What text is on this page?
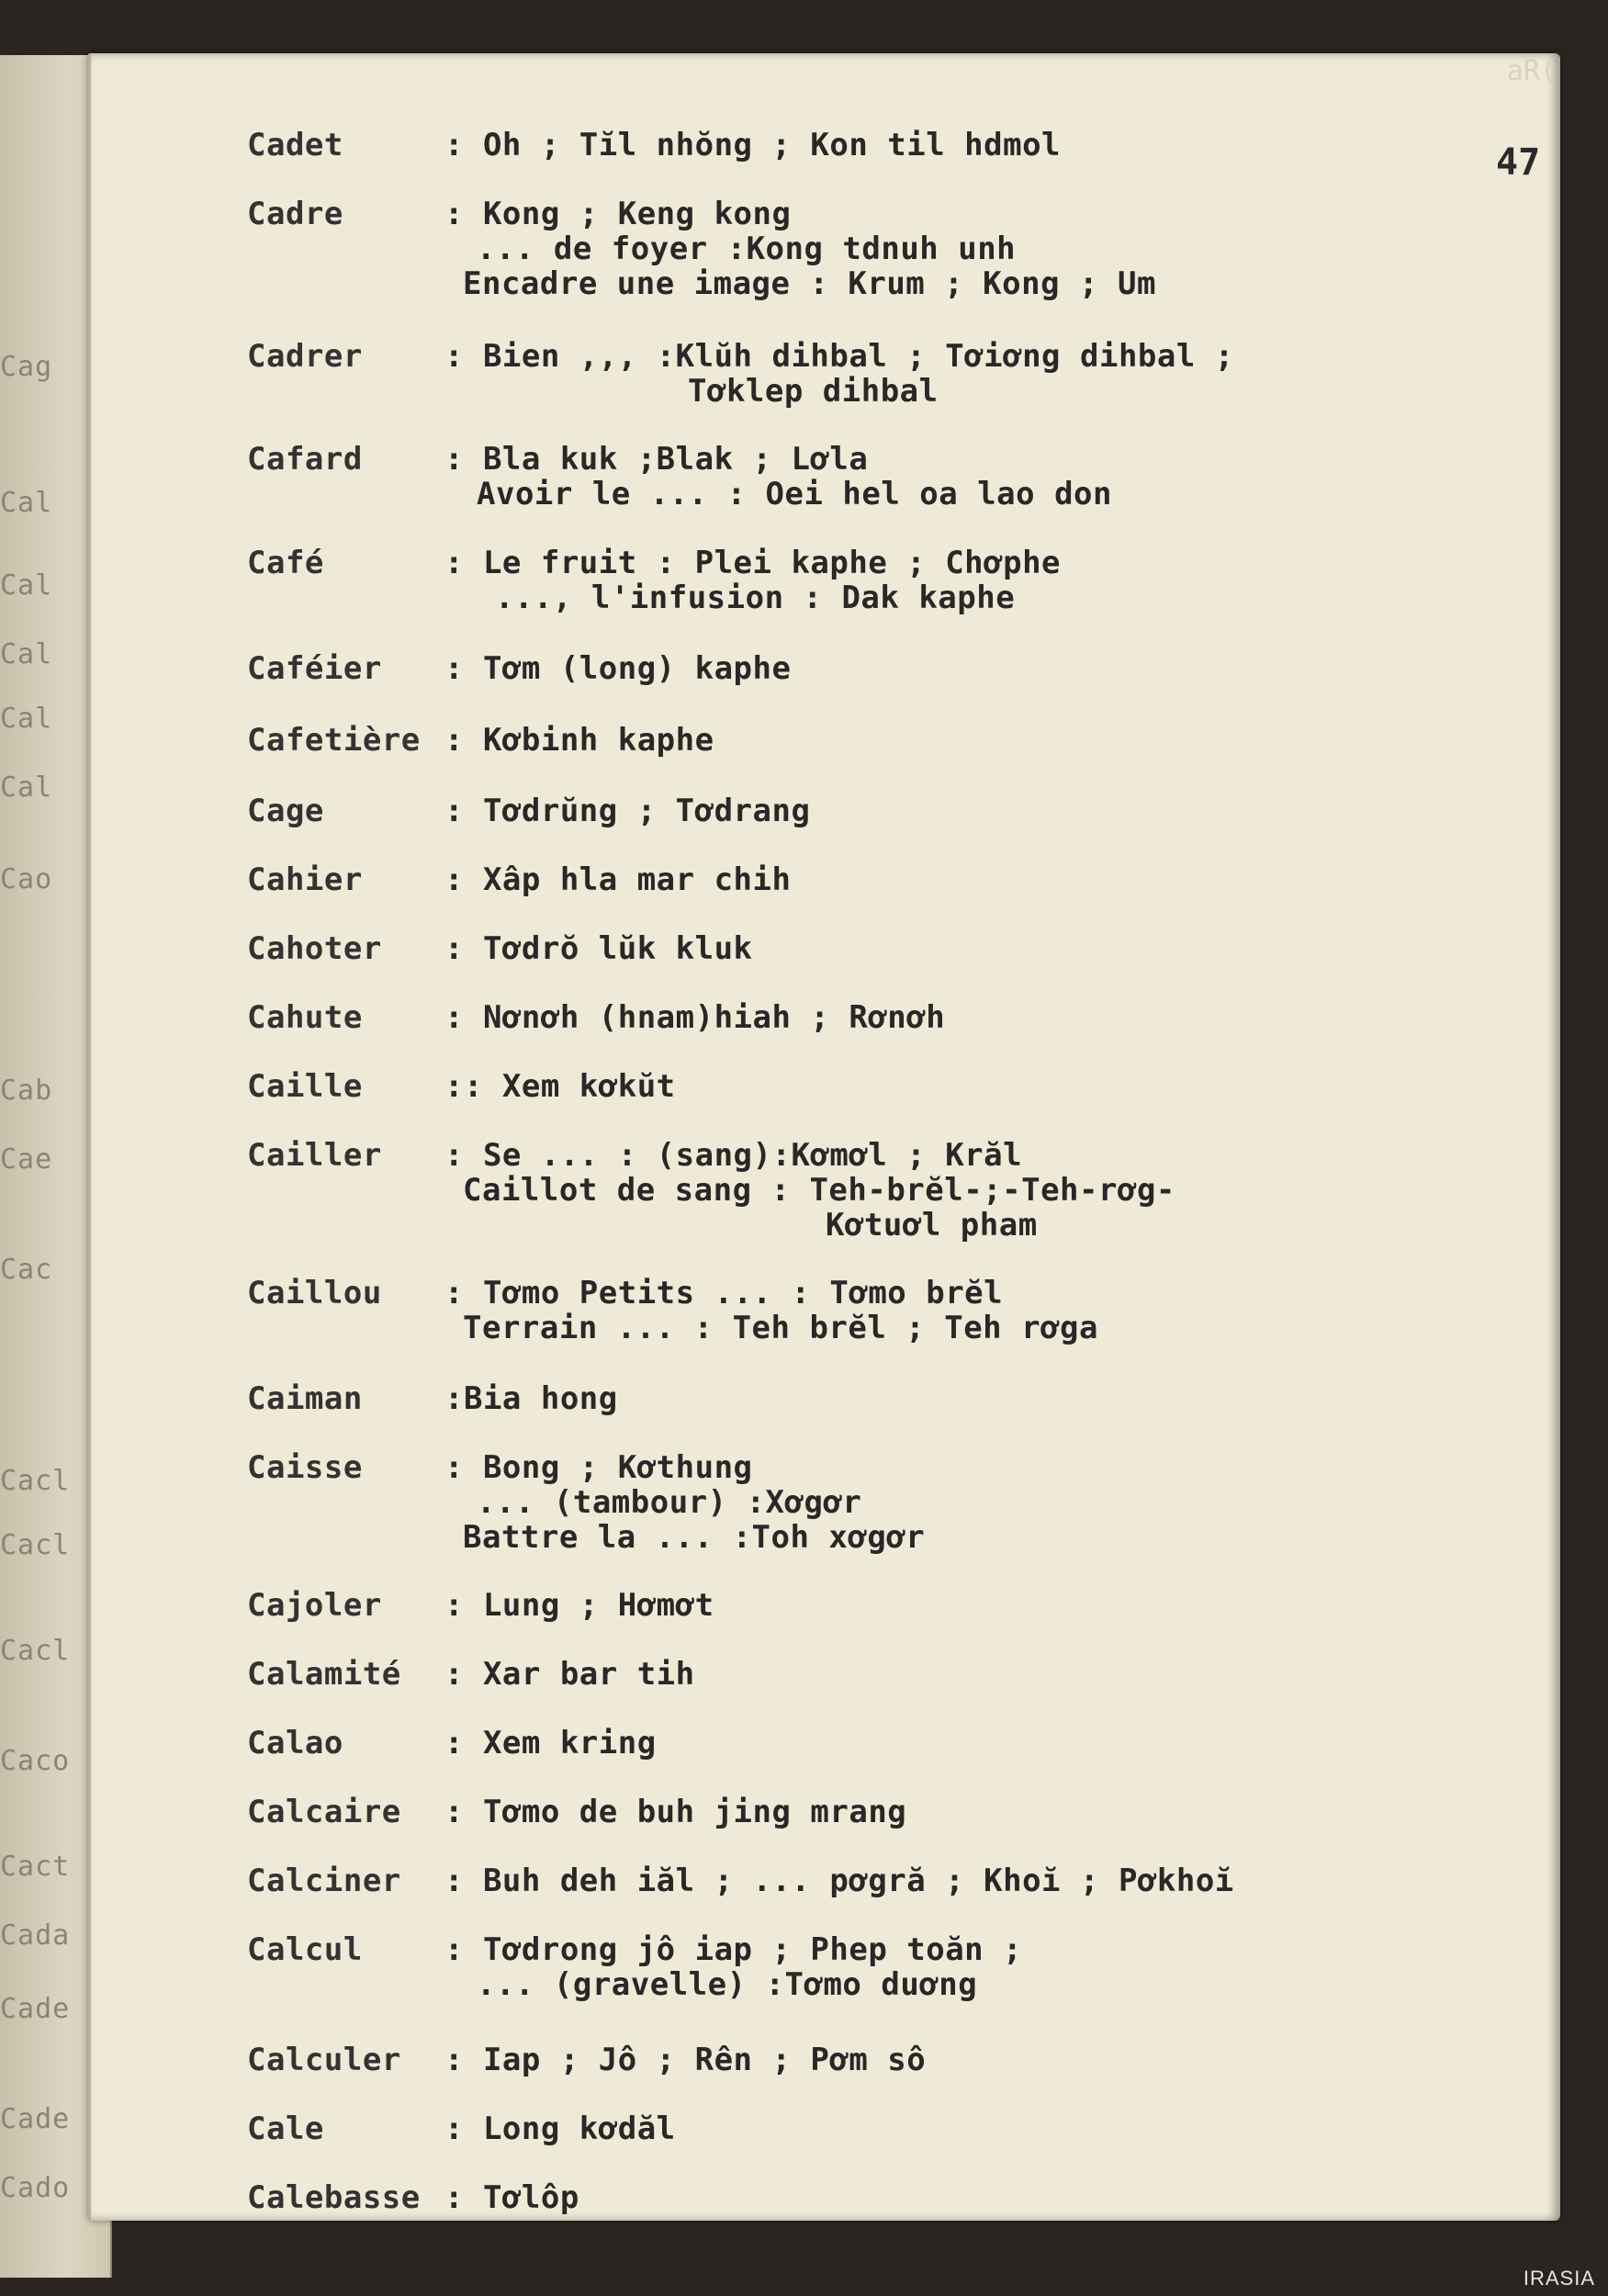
Cag
Cal
Cal
Cal
Cal
Cal
Cao
Cab
Cae
Cac
Cacl
Cacl
Cacl
Caco
Cact
Cada
Cade
Cade
Cado
aR(
47
Cadet	: Oh ; Tĭl nhŏng ; Kon til hdmol
Cadre	: Kong ; Keng kong
... de foyer :Kong tdnuh unh
Encadre une image : Krum ; Kong ; Um
Cadrer	: Bien ,,, :Klŭh dihbal ; Tơiơng dihbal ;
Tơklep dihbal
Cafard	: Bla kuk ;Blak ; Lơla
Avoir le ... : Oei hel oa lao don
Café	: Le fruit : Plei kaphe ; Chơphe
..., l'infusion : Dak kaphe
Caféier : Tơm (long) kaphe
Cafetière : Kơbinh kaphe
Cage	: Tơdrŭng ; Tơdrang
Cahier	: Xâp hla mar chih
Cahoter : Tơdrŏ lŭk kluk
Cahute	: Nơnơh (hnam)hiah ; Rơnơh
Caille	:: Xem kơkŭt
Cailler : Se ... : (sang):Kơmơl ; Krăl
Caillot de sang : Teh-brĕl-;-Teh-rơg-
Kơtuơl pham
Caillou : Tơmo Petits ... : Tơmo brĕl
Terrain ... : Teh brĕl ; Teh rơga
Caiman	:Bia hong
Caisse	: Bong ; Kơthung
... (tambour) :Xơgơr
Battre la ... :Toh xơgơr
Cajoler : Lung ; Hơmơt
Calamité : Xar bar tih
Calao	: Xem kring
Calcaire : Tơmo de buh jing mrang
Calciner : Buh deh iăl ; ... pơgră ; Khoĭ ; Pơkhoĭ
Calcul	: Tơdrong jô iap ; Phep toăn ;
... (gravelle) :Tơmo duơng
Calculer : Iap ; Jô ; Rên ; Pơm sô
Cale	: Long kơdăl
Calebasse : Tơlôp
IRASIA
